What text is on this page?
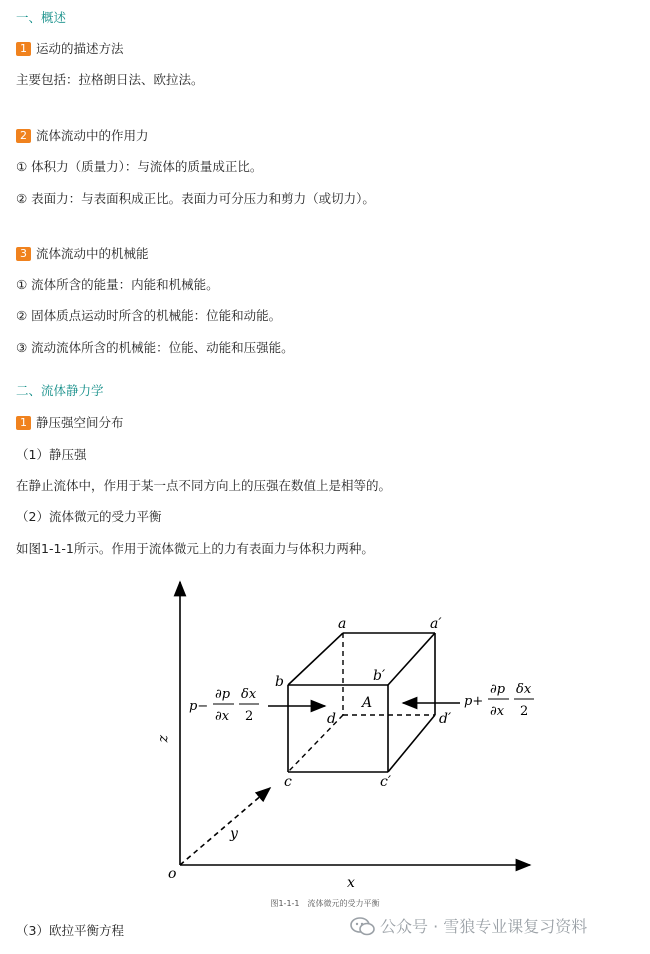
一、概述
1 运动的描述方法
主要包括：拉格朗日法、欧拉法。
2 流体流动中的作用力
① 体积力（质量力）：与流体的质量成正比。
② 表面力：与表面积成正比。表面力可分压力和剪力（或切力）。
3 流体流动中的机械能
① 流体所含的能量：内能和机械能。
② 固体质点运动时所含的机械能：位能和动能。
③ 流动流体所含的机械能：位能、动能和压强能。
二、流体静力学
1 静压强空间分布
（1）静压强
在静止流体中，作用于某一点不同方向上的压强在数值上是相等的。
（2）流体微元的受力平衡
如图1-1-1所示。作用于流体微元上的力有表面力与体积力两种。
a	a′
b	b′
d	d′
c	c′
A
o
x
y
z
p−
∂p
∂x
δx
2
p+
∂p
∂x
δx
2
图1-1-1　流体微元的受力平衡
（3）欧拉平衡方程	公众号 · 雪狼专业课复习资料
